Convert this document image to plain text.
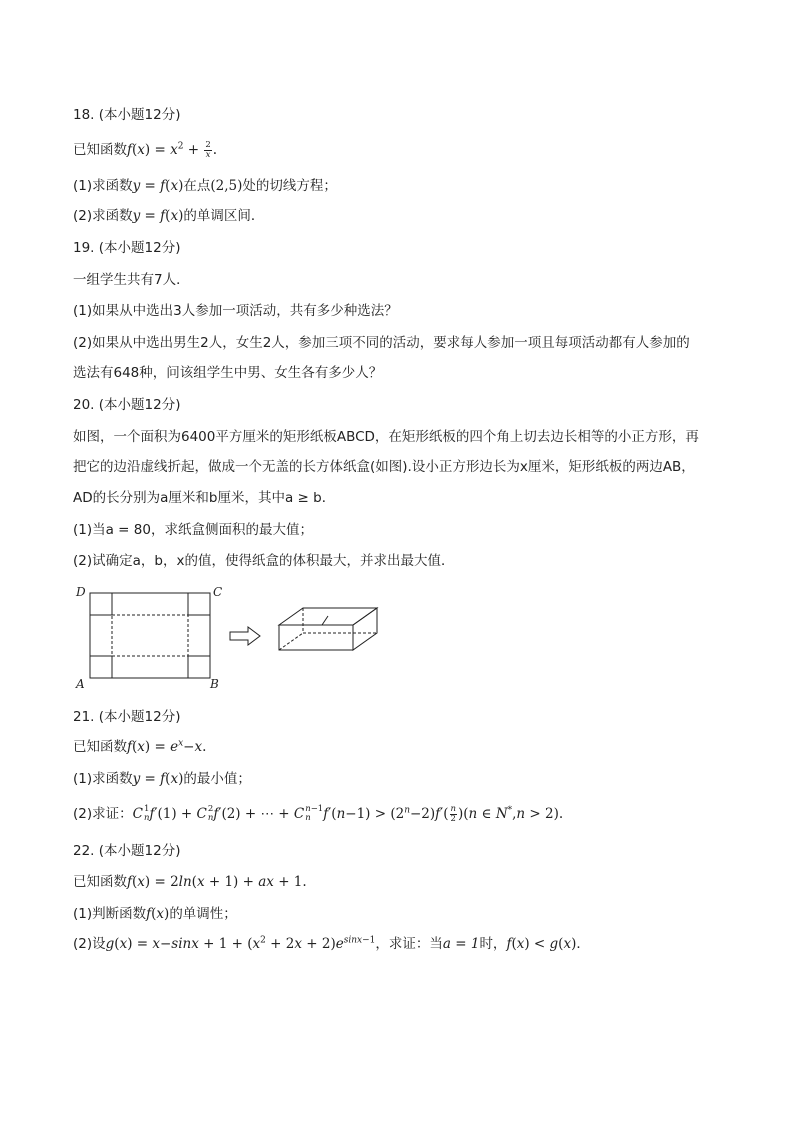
18. (本小题12分)
已知函数$f(x) = x^2 + \frac{2}{x}$ .
(1)求函数y = f(x)在点(2,5)处的切线方程；
(2)求函数y = f(x)的单调区间．
19. (本小题12分)
一组学生共有7人．
(1)如果从中选出3人参加一项活动，共有多少种选法？
(2)如果从中选出男生2人，女生2人，参加三项不同的活动，要求每人参加一项且每项活动都有人参加的
选法有648种，问该组学生中男、女生各有多少人？
20. (本小题12分)
如图，一个面积为6400平方厘米的矩形纸板ABCD，在矩形纸板的四个角上切去边长相等的小正方形，再
把它的边沿虚线折起，做成一个无盖的长方体纸盒(如图).设小正方形边长为x厘米，矩形纸板的两边AB，
AD的长分别为a厘米和b厘米，其中a ≥ b．
(1)当a = 80，求纸盒侧面积的最大值；
(2)试确定a，b，x的值，使得纸盒的体积最大，并求出最大值．
D	C
A	B
21. (本小题12分)
已知函数$f(x) = e^x-x$.
(1)求函数y = f(x)的最小值；
(2)求证：C 1
n f′(1) + C 2
n f′(2) + ⋯ + C n−1
n $f'(n-1) > (2^n-2)f'( \frac{n}{2} )(n$ ∈ N*,n > 2).
22. (本小题12分)
已知函数f(x) = 2ln(x + 1) + ax + 1.
(1)判断函数f(x)的单调性；
(2)设$g(x) = x-\sin x + 1 + (x^2 + 2x + 2)e^{sinx-1}$，求证：当a = 1时，f(x) < g(x)．
